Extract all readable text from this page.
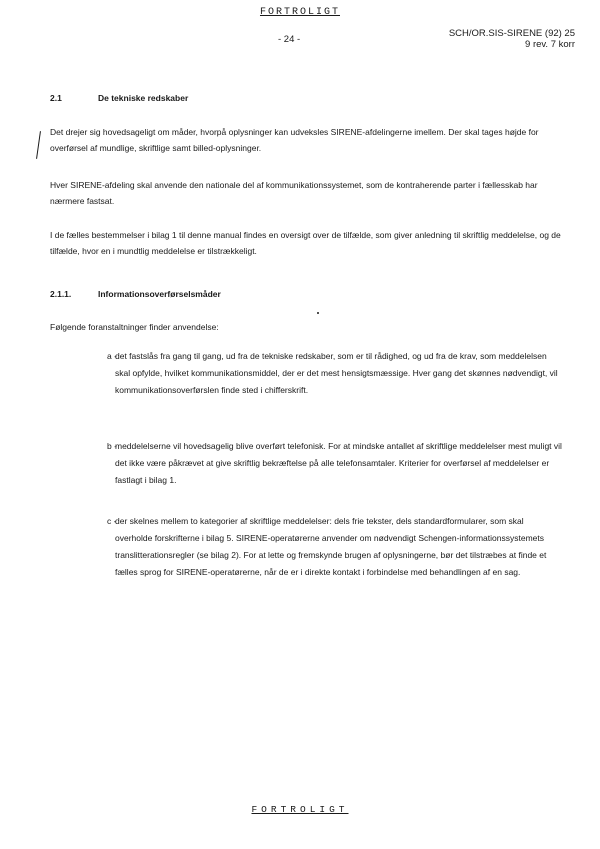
FORTROLIGT
- 24 -
SCH/OR.SIS-SIRENE (92) 25
9 rev. 7 korr
2.1	De tekniske redskaber
Det drejer sig hovedsageligt om måder, hvorpå oplysninger kan udveksles SIRENE-afdelingerne imellem. Der skal tages højde for overførsel af mundlige, skriftlige samt billed-oplysninger.
Hver SIRENE-afdeling skal anvende den nationale del af kommunikationssystemet, som de kontraherende parter i fællesskab har nærmere fastsat.
I de fælles bestemmelser i bilag 1 til denne manual findes en oversigt over de tilfælde, som giver anledning til skriftlig meddelelse, og de tilfælde, hvor en i mundtlig meddelelse er tilstrækkeligt.
2.1.1.	Informationsoverførselsmåder
Følgende foranstaltninger finder anvendelse:
a -
det fastslås fra gang til gang, ud fra de tekniske redskaber, som er til rådighed, og ud fra de krav, som meddelelsen skal opfylde, hvilket kommunikationsmiddel, der er det mest hensigtsmæssige. Hver gang det skønnes nødvendigt, vil kommunikationsoverførslen finde sted i chifferskrift.
b -
meddelelserne vil hovedsagelig blive overført telefonisk. For at mindske antallet af skriftlige meddelelser mest muligt vil det ikke være påkrævet at give skriftlig bekræftelse på alle telefonsamtaler. Kriterier for overførsel af meddelelser er fastlagt i bilag 1.
c -
der skelnes mellem to kategorier af skriftlige meddelelser: dels frie tekster, dels standardformularer, som skal overholde forskrifterne i bilag 5. SIRENE-operatørerne anvender om nødvendigt Schengen-informationssystemets translitterationsregler (se bilag 2). For at lette og fremskynde brugen af oplysningerne, bør det tilstræbes at finde et fælles sprog for SIRENE-operatørerne, når de er i direkte kontakt i forbindelse med behandlingen af en sag.
FORTROLIGT
